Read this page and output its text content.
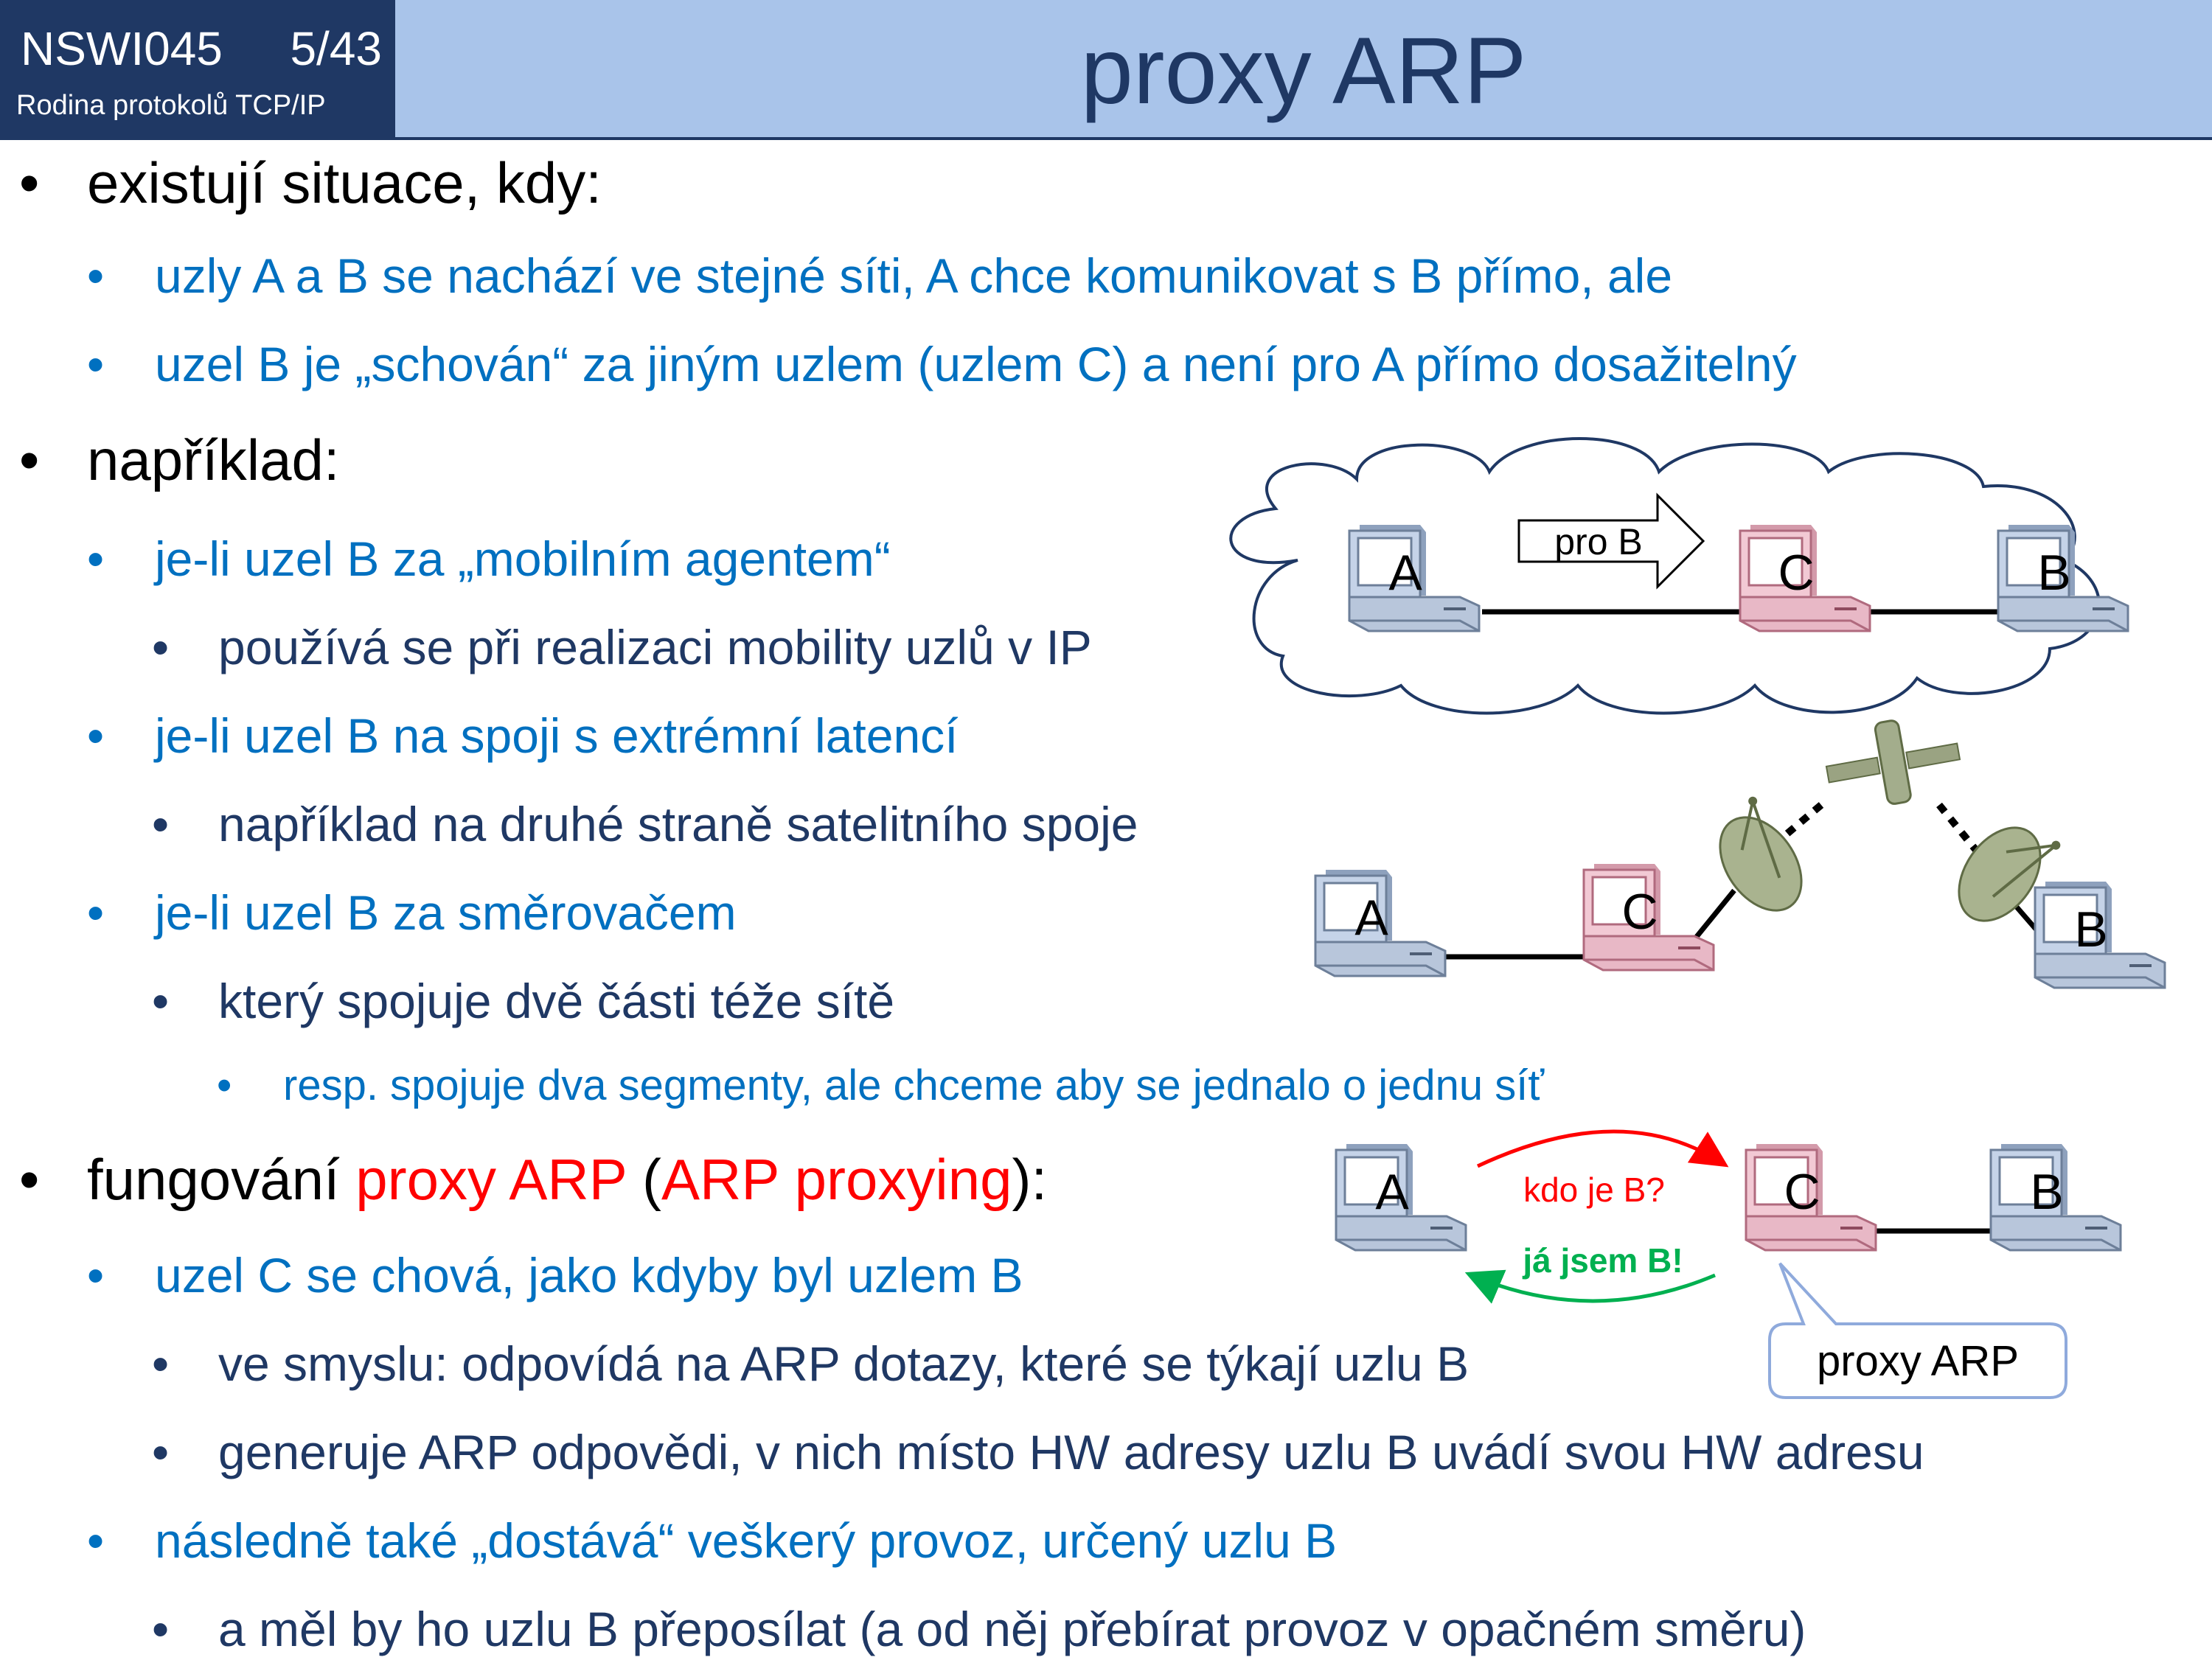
NSWI045 5/43
Rodina protokolů TCP/IP	proxy ARP
• existují situace, kdy:
• uzly A a B se nachází ve stejné síti, A chce komunikovat s B přímo, ale
• uzel B je „schován“ za jiným uzlem (uzlem C) a není pro A přímo dosažitelný
• například:
• je-li uzel B za „mobilním agentem“
• používá se při realizaci mobility uzlů v IP
• je-li uzel B na spoji s extrémní latencí
• například na druhé straně satelitního spoje
• je-li uzel B za směrovačem
• který spojuje dvě části téže sítě
• resp. spojuje dva segmenty, ale chceme aby se jednalo o jednu síť
• fungování proxy ARP (ARP proxying):
• uzel C se chová, jako kdyby byl uzlem B
• ve smyslu: odpovídá na ARP dotazy, které se týkají uzlu B
• generuje ARP odpovědi, v nich místo HW adresy uzlu B uvádí svou HW adresu
• následně také „dostává“ veškerý provoz, určený uzlu B
• a měl by ho uzlu B přeposílat (a od něj přebírat provoz v opačném směru)
A	C	B
pro B
A	C	B
A	C	B
kdo je B?
já jsem B!
proxy ARP
